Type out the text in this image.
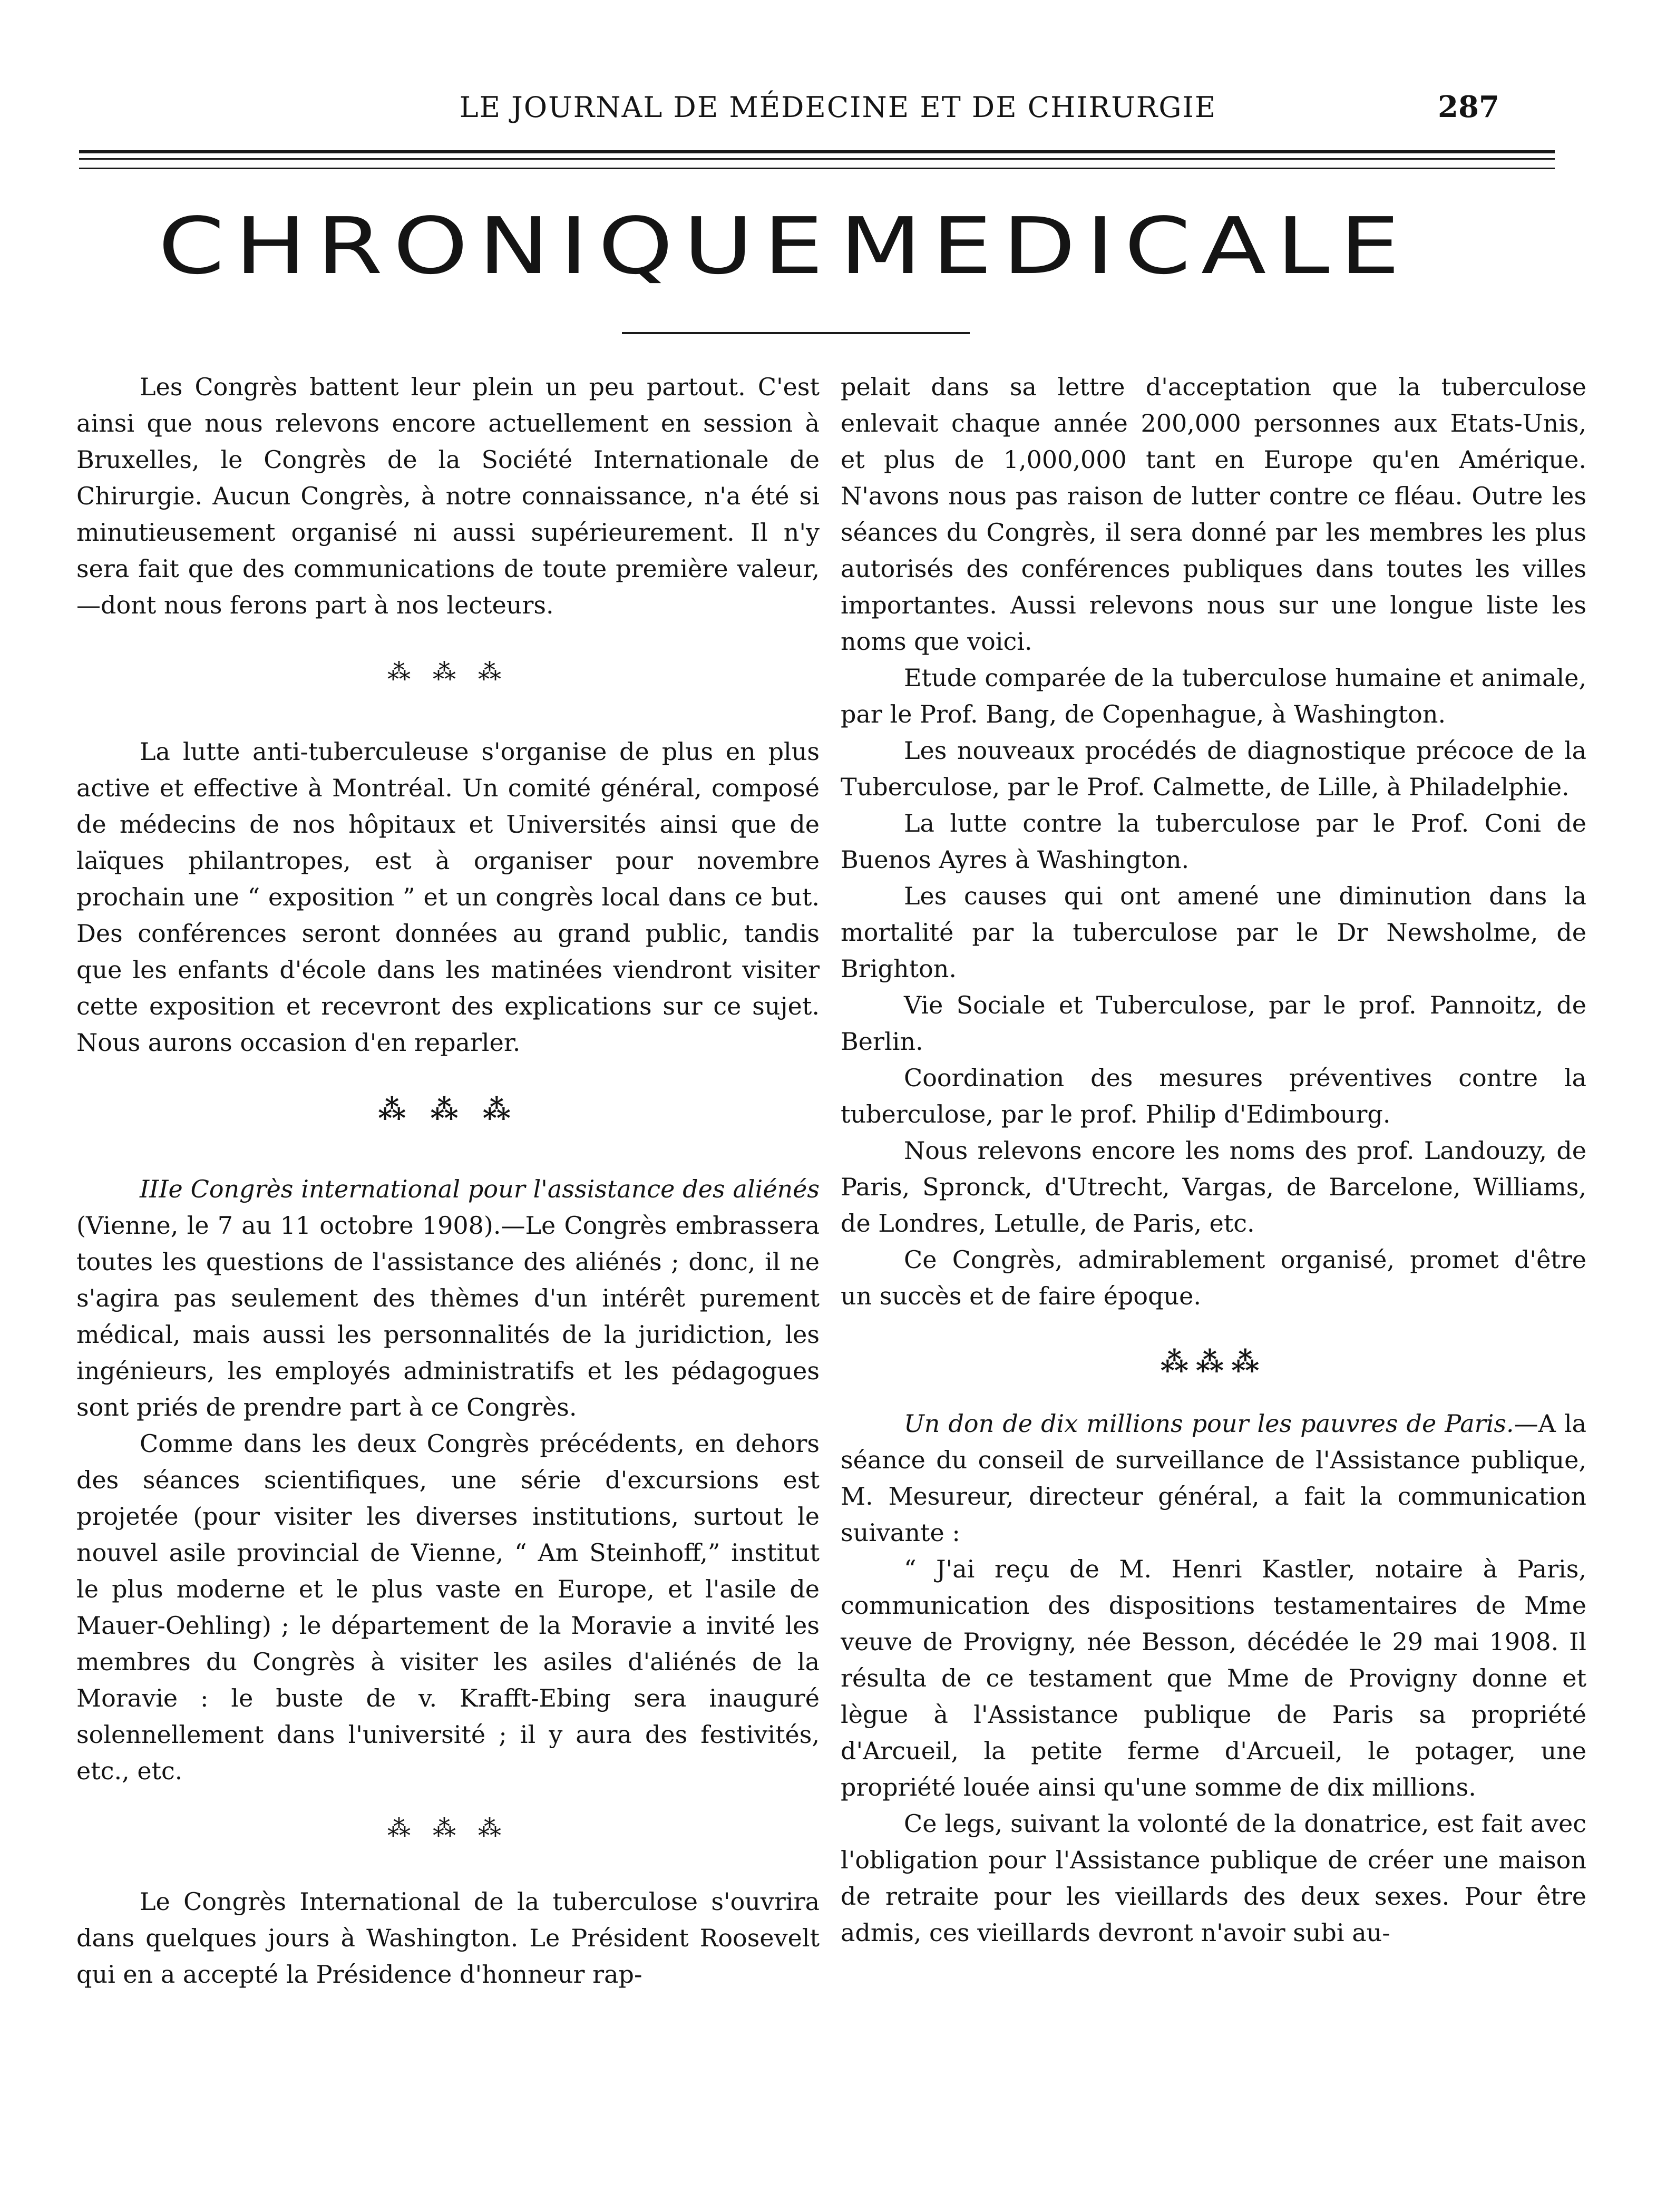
LE JOURNAL DE MÉDECINE ET DE CHIRURGIE	287
CHRONIQUE MEDICALE

Les Congrès battent leur plein un peu partout. C'est ainsi que nous relevons encore actuellement en session à Bruxelles, le Congrès de la Société Internationale de Chirurgie. Aucun Congrès, à notre connaissance, n'a été si minutieusement organisé ni aussi supérieurement. Il n'y sera fait que des communications de toute première valeur,—dont nous ferons part à nos lecteurs.

⁂ ⁂ ⁂

La lutte anti-tuberculeuse s'organise de plus en plus active et effective à Montréal. Un comité général, composé de médecins de nos hôpitaux et Universités ainsi que de laïques philantropes, est à organiser pour novembre prochain une “ exposition ” et un congrès local dans ce but. Des conférences seront données au grand public, tandis que les enfants d'école dans les matinées viendront visiter cette exposition et recevront des explications sur ce sujet. Nous aurons occasion d'en reparler.

⁂ ⁂ ⁂

IIIe Congrès international pour l'assistance des aliénés (Vienne, le 7 au 11 octobre 1908).—Le Congrès embrassera toutes les questions de l'assistance des aliénés ; donc, il ne s'agira pas seulement des thèmes d'un intérêt purement médical, mais aussi les personnalités de la juridiction, les ingénieurs, les employés administratifs et les pédagogues sont priés de prendre part à ce Congrès.

Comme dans les deux Congrès précédents, en dehors des séances scientifiques, une série d'excursions est projetée (pour visiter les diverses institutions, surtout le nouvel asile provincial de Vienne, “ Am Steinhoff,” institut le plus moderne et le plus vaste en Europe, et l'asile de Mauer-Oehling) ; le département de la Moravie a invité les membres du Congrès à visiter les asiles d'aliénés de la Moravie : le buste de v. Krafft-Ebing sera inauguré solennellement dans l'université ; il y aura des festivités, etc., etc.

⁂ ⁂ ⁂

Le Congrès International de la tuberculose s'ouvrira dans quelques jours à Washington. Le Président Roosevelt qui en a accepté la Présidence d'honneur rap-

pelait dans sa lettre d'acceptation que la tuberculose enlevait chaque année 200,000 personnes aux Etats-Unis, et plus de 1,000,000 tant en Europe qu'en Amérique. N'avons nous pas raison de lutter contre ce fléau. Outre les séances du Congrès, il sera donné par les membres les plus autorisés des conférences publiques dans toutes les villes importantes. Aussi relevons nous sur une longue liste les noms que voici.

Etude comparée de la tuberculose humaine et animale, par le Prof. Bang, de Copenhague, à Washington.

Les nouveaux procédés de diagnostique précoce de la Tuberculose, par le Prof. Calmette, de Lille, à Philadelphie.

La lutte contre la tuberculose par le Prof. Coni de Buenos Ayres à Washington.

Les causes qui ont amené une diminution dans la mortalité par la tuberculose par le Dr Newsholme, de Brighton.

Vie Sociale et Tuberculose, par le prof. Pannoitz, de Berlin.

Coordination des mesures préventives contre la tuberculose, par le prof. Philip d'Edimbourg.

Nous relevons encore les noms des prof. Landouzy, de Paris, Spronck, d'Utrecht, Vargas, de Barcelone, Williams, de Londres, Letulle, de Paris, etc.

Ce Congrès, admirablement organisé, promet d'être un succès et de faire époque.

⁂⁂⁂

Un don de dix millions pour les pauvres de Paris.—A la séance du conseil de surveillance de l'Assistance publique, M. Mesureur, directeur général, a fait la communication suivante :

“ J'ai reçu de M. Henri Kastler, notaire à Paris, communication des dispositions testamentaires de Mme veuve de Provigny, née Besson, décédée le 29 mai 1908. Il résulta de ce testament que Mme de Provigny donne et lègue à l'Assistance publique de Paris sa propriété d'Arcueil, la petite ferme d'Arcueil, le potager, une propriété louée ainsi qu'une somme de dix millions.

Ce legs, suivant la volonté de la donatrice, est fait avec l'obligation pour l'Assistance publique de créer une maison de retraite pour les vieillards des deux sexes. Pour être admis, ces vieillards devront n'avoir subi au-
